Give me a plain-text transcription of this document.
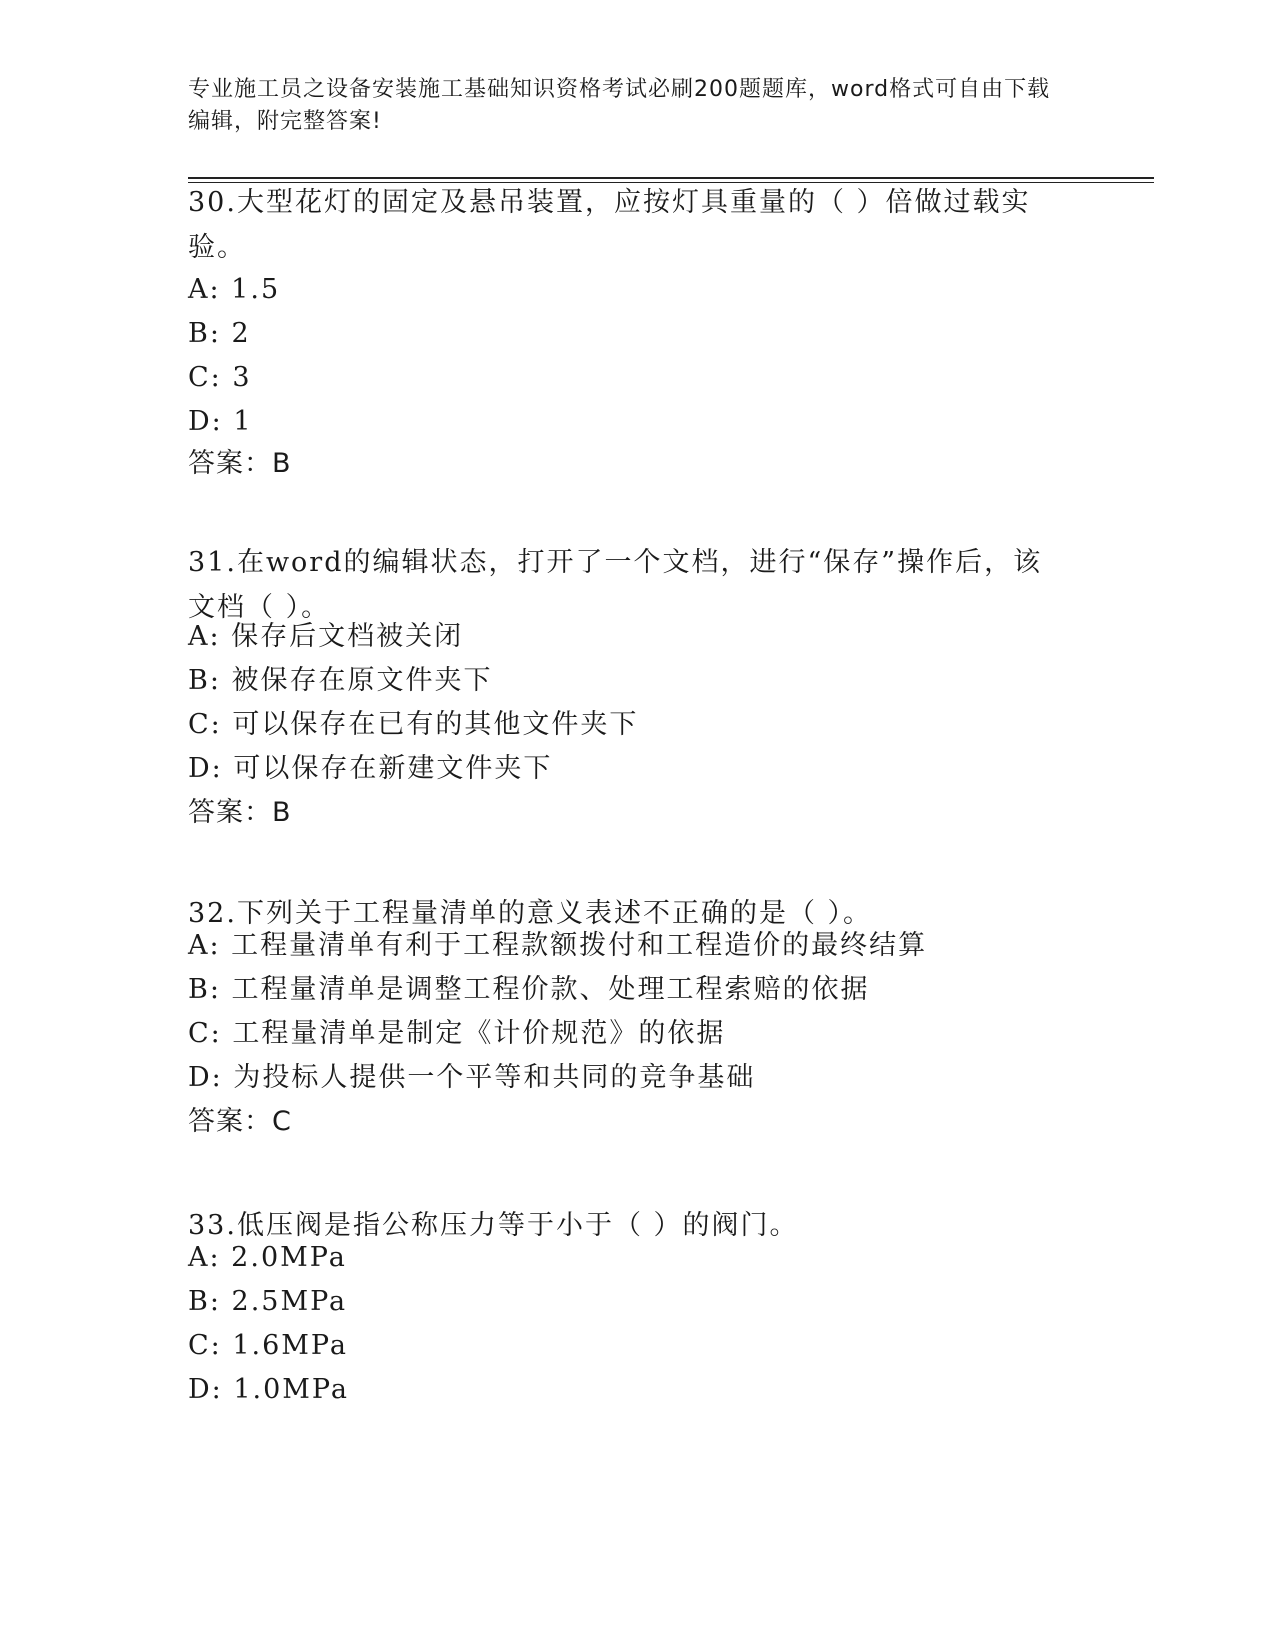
专业施工员之设备安装施工基础知识资格考试必刷200题题库，word格式可自由下载编辑，附完整答案!
30.大型花灯的固定及悬吊装置，应按灯具重量的（ ）倍做过载实验。
A: 1.5
B: 2
C: 3
D: 1
答案：B
31.在word的编辑状态，打开了一个文档，进行“保存”操作后，该文档（ ）。
A: 保存后文档被关闭
B: 被保存在原文件夹下
C: 可以保存在已有的其他文件夹下
D: 可以保存在新建文件夹下
答案：B
32.下列关于工程量清单的意义表述不正确的是（ ）。
A: 工程量清单有利于工程款额拨付和工程造价的最终结算
B: 工程量清单是调整工程价款、处理工程索赔的依据
C: 工程量清单是制定《计价规范》的依据
D: 为投标人提供一个平等和共同的竞争基础
答案：C
33.低压阀是指公称压力等于小于（ ）的阀门。
A: 2.0MPa
B: 2.5MPa
C: 1.6MPa
D: 1.0MPa
